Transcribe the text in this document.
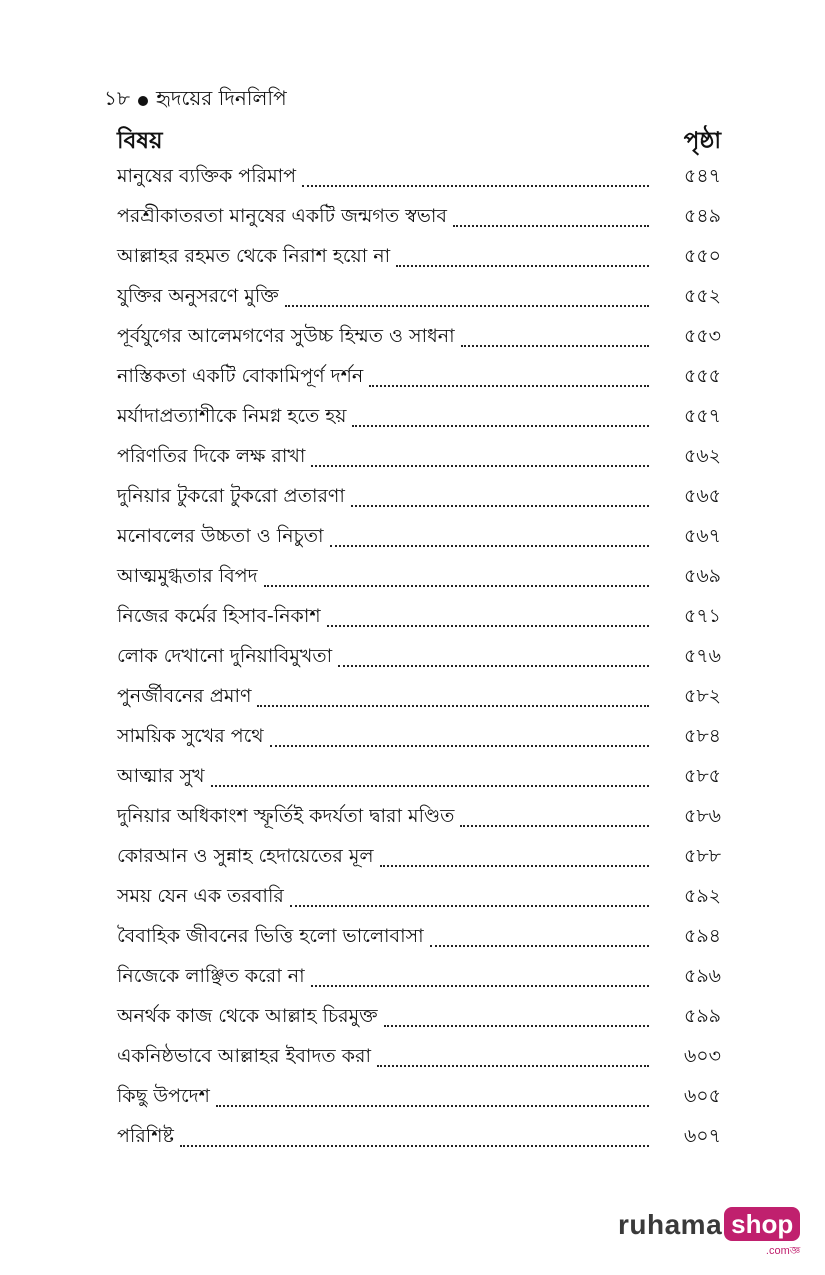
১৮ হৃদয়ের দিনলিপি
বিষয়	পৃষ্ঠা
মানুষের ব্যক্তিক পরিমাপ	৫৪৭
পরশ্রীকাতরতা মানুষের একটি জন্মগত স্বভাব	৫৪৯
আল্লাহর রহমত থেকে নিরাশ হয়ো না	৫৫০
যুক্তির অনুসরণে মুক্তি	৫৫২
পূর্বযুগের আলেমগণের সুউচ্চ হিম্মত ও সাধনা	৫৫৩
নাস্তিকতা একটি বোকামিপূর্ণ দর্শন	৫৫৫
মর্যাদাপ্রত্যাশীকে নিমগ্ন হতে হয়	৫৫৭
পরিণতির দিকে লক্ষ রাখা	৫৬২
দুনিয়ার টুকরো টুকরো প্রতারণা	৫৬৫
মনোবলের উচ্চতা ও নিচুতা	৫৬৭
আত্মমুগ্ধতার বিপদ	৫৬৯
নিজের কর্মের হিসাব-নিকাশ	৫৭১
লোক দেখানো দুনিয়াবিমুখতা	৫৭৬
পুনর্জীবনের প্রমাণ	৫৮২
সাময়িক সুখের পথে	৫৮৪
আত্মার সুখ	৫৮৫
দুনিয়ার অধিকাংশ স্ফূর্তিই কদর্যতা দ্বারা মণ্ডিত	৫৮৬
কোরআন ও সুন্নাহ হেদায়েতের মূল	৫৮৮
সময় যেন এক তরবারি	৫৯২
বৈবাহিক জীবনের ভিত্তি হলো ভালোবাসা	৫৯৪
নিজেকে লাঞ্ছিত করো না	৫৯৬
অনর্থক কাজ থেকে আল্লাহ চিরমুক্ত	৫৯৯
একনিষ্ঠভাবে আল্লাহর ইবাদত করা	৬০৩
কিছু উপদেশ	৬০৫
পরিশিষ্ট	৬০৭
ruhama shop
.comজ্ঞ
